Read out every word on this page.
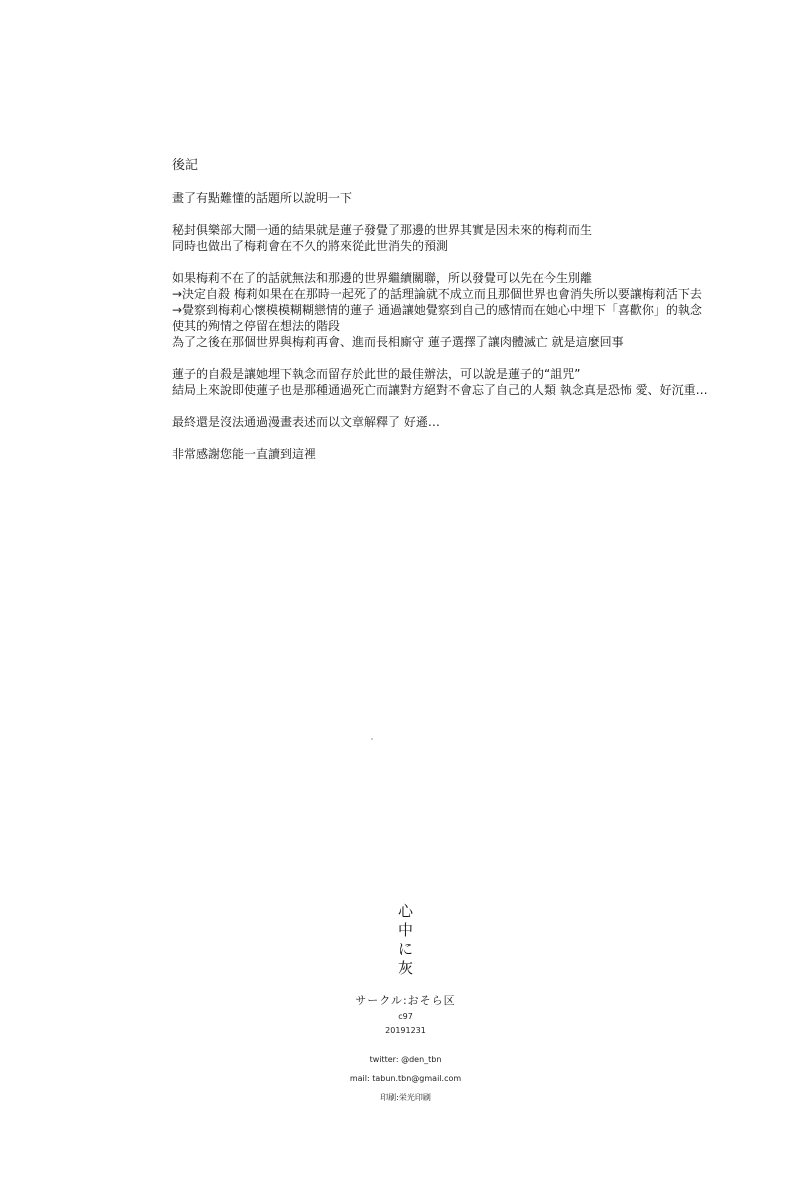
後記
畫了有點難懂的話題所以說明一下
秘封俱樂部大鬧一通的結果就是蓮子發覺了那邊的世界其實是因未來的梅莉而生
同時也做出了梅莉會在不久的將來從此世消失的預測
如果梅莉不在了的話就無法和那邊的世界繼續關聯，所以發覺可以先在今生別離
→決定自殺 梅莉如果在在那時一起死了的話理論就不成立而且那個世界也會消失所以要讓梅莉活下去
→覺察到梅莉心懷模模糊糊戀情的蓮子 通過讓她覺察到自己的感情而在她心中埋下「喜歡你」的執念
使其的殉情之停留在想法的階段
為了之後在那個世界與梅莉再會、進而長相廝守 蓮子選擇了讓肉體滅亡 就是這麼回事
蓮子的自殺是讓她埋下執念而留存於此世的最佳辦法，可以說是蓮子的“詛咒”
結局上來說即使蓮子也是那種通過死亡而讓對方絕對不會忘了自己的人類 執念真是恐怖 愛、好沉重…
最終還是沒法通過漫畫表述而以文章解釋了 好遜…
非常感謝您能一直讀到這裡
心
中
に
灰
サークル:おそら区
c97
20191231
twitter: @den_tbn
mail: tabun.tbn@gmail.com
印刷:栄光印刷
